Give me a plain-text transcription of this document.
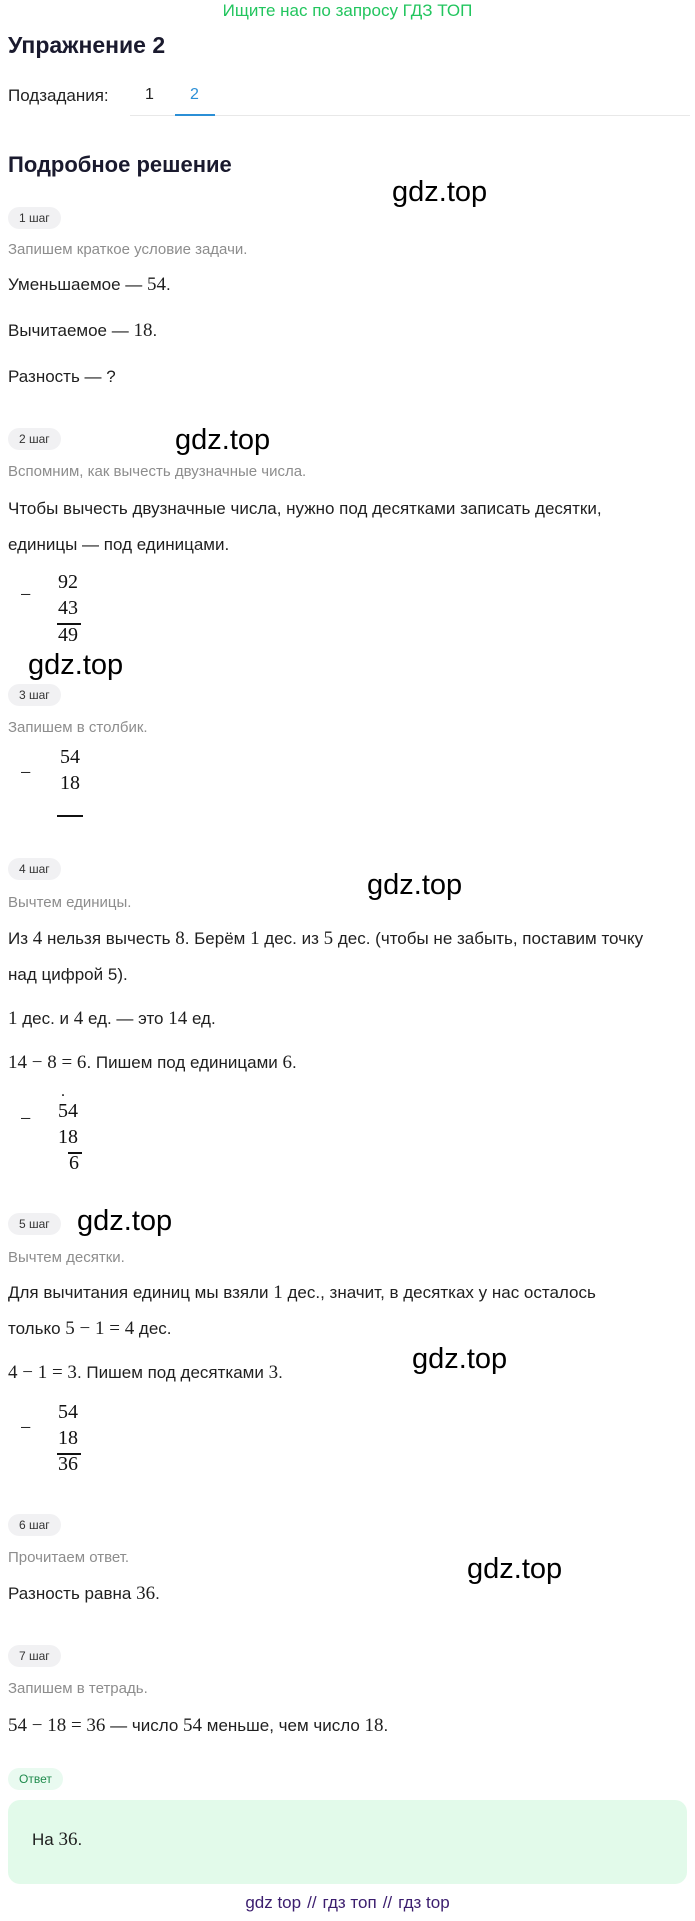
Ищите нас по запросу ГДЗ ТОП
Упражнение 2
Подзадания: 1 2
Подробное решение
gdz.top
gdz.top
gdz.top
gdz.top
gdz.top
gdz.top
gdz.top
1 шаг
Запишем краткое условие задачи.
Уменьшаемое — 54.
Вычитаемое — 18.
Разность — ?
2 шаг
Вспомним, как вычесть двузначные числа.
Чтобы вычесть двузначные числа, нужно под десятками записать десятки,
единицы — под единицами.
−
92
43
49
3 шаг
Запишем в столбик.
−
54
18
4 шаг
Вычтем единицы.
Из 4 нельзя вычесть 8. Берём 1 дес. из 5 дес. (чтобы не забыть, поставим точку
над цифрой 5).
1 дес. и 4 ед. — это 14 ед.
14 − 8 = 6. Пишем под единицами 6.
−
.
54
18
6
5 шаг
Вычтем десятки.
Для вычитания единиц мы взяли 1 дес., значит, в десятках у нас осталось
только 5 − 1 = 4 дес.
4 − 1 = 3. Пишем под десятками 3.
−
54
18
36
6 шаг
Прочитаем ответ.
Разность равна 36.
7 шаг
Запишем в тетрадь.
54 − 18 = 36 — число 54 меньше, чем число 18.
Ответ
На 36.
gdz top // гдз топ // гдз top
